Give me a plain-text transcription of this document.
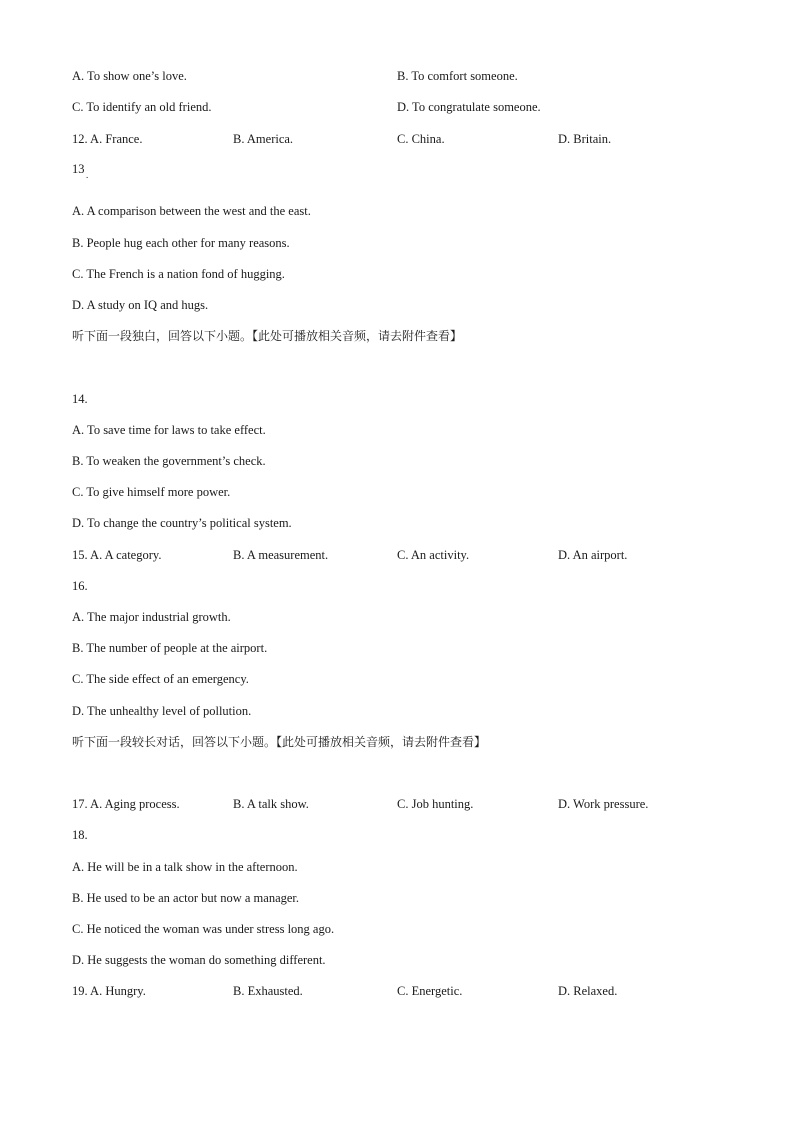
A. To show one’s love.	B. To comfort someone.
C. To identify an old friend.	D. To congratulate someone.
12. A. France.	B. America.	C. China.	D. Britain.
13 .
A. A comparison between the west and the east.
B. People hug each other for many reasons.
C. The French is a nation fond of hugging.
D. A study on IQ and hugs.
听下面一段独白，回答以下小题。【此处可播放相关音频，请去附件查看】
14.
A. To save time for laws to take effect.
B. To weaken the government’s check.
C. To give himself more power.
D. To change the country’s political system.
15. A. A category.	B. A measurement.	C. An activity.	D. An airport.
16.
A. The major industrial growth.
B. The number of people at the airport.
C. The side effect of an emergency.
D. The unhealthy level of pollution.
听下面一段较长对话，回答以下小题。【此处可播放相关音频，请去附件查看】
17. A. Aging process.	B. A talk show.	C. Job hunting.	D. Work pressure.
18.
A. He will be in a talk show in the afternoon.
B. He used to be an actor but now a manager.
C. He noticed the woman was under stress long ago.
D. He suggests the woman do something different.
19. A. Hungry.	B. Exhausted.	C. Energetic.	D. Relaxed.
